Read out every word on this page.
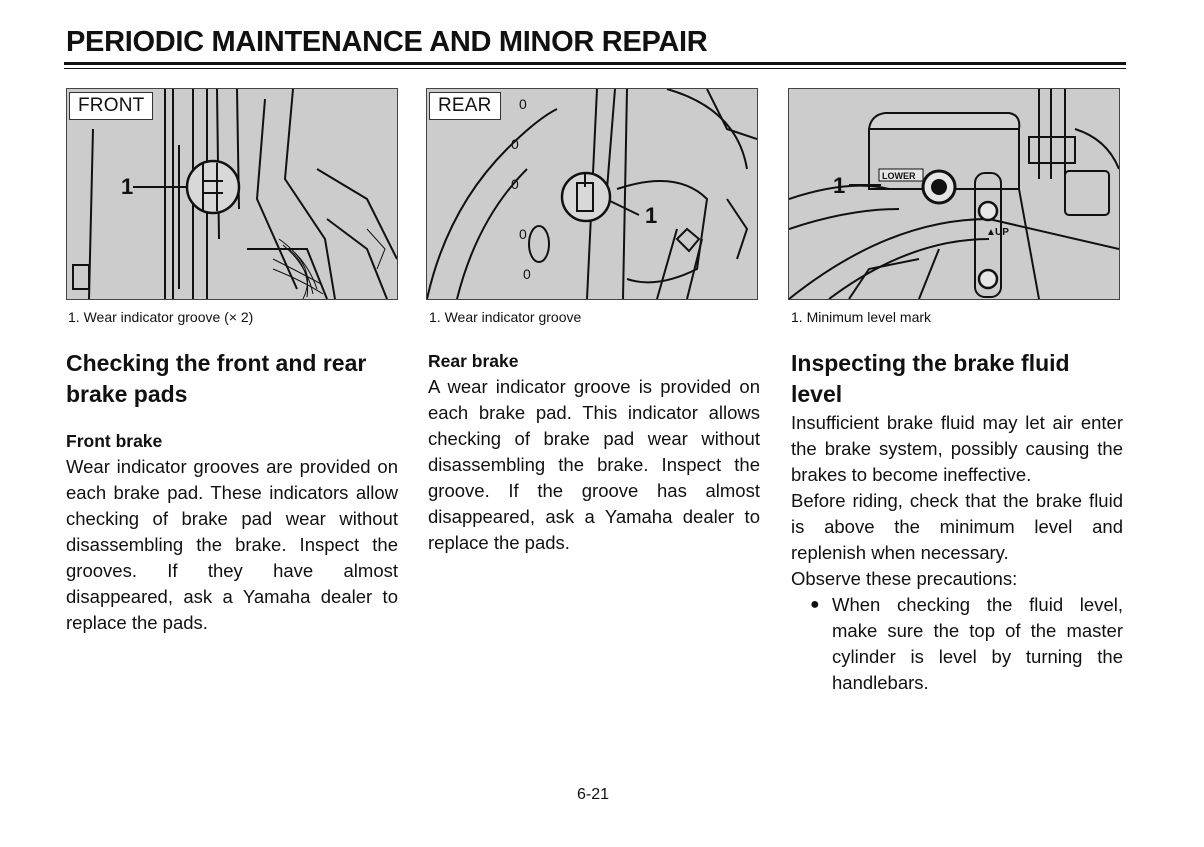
PERIODIC MAINTENANCE AND MINOR REPAIR
1
FRONT
1. Wear indicator groove (× 2)
0
0
0
0
0
1
REAR
1. Wear indicator groove
LOWER
▲ UP
1
1. Minimum level mark
Checking the front and rear brake pads
Front brake

Wear indicator grooves are provided on each brake pad. These indicators allow checking of brake pad wear without disassembling the brake. Inspect the grooves. If they have almost disappeared, ask a Yamaha dealer to replace the pads.

Rear brake

A wear indicator groove is provided on each brake pad. This indicator allows checking of brake pad wear without disassembling the brake. Inspect the groove. If the groove has almost disappeared, ask a Yamaha dealer to replace the pads.

Inspecting the brake fluid level

Insufficient brake fluid may let air enter the brake system, possibly causing the brakes to become ineffective.

Before riding, check that the brake fluid is above the minimum level and replenish when necessary.

Observe these precautions:

● When checking the fluid level, make sure the top of the master cylinder is level by turning the handlebars.
6-21
